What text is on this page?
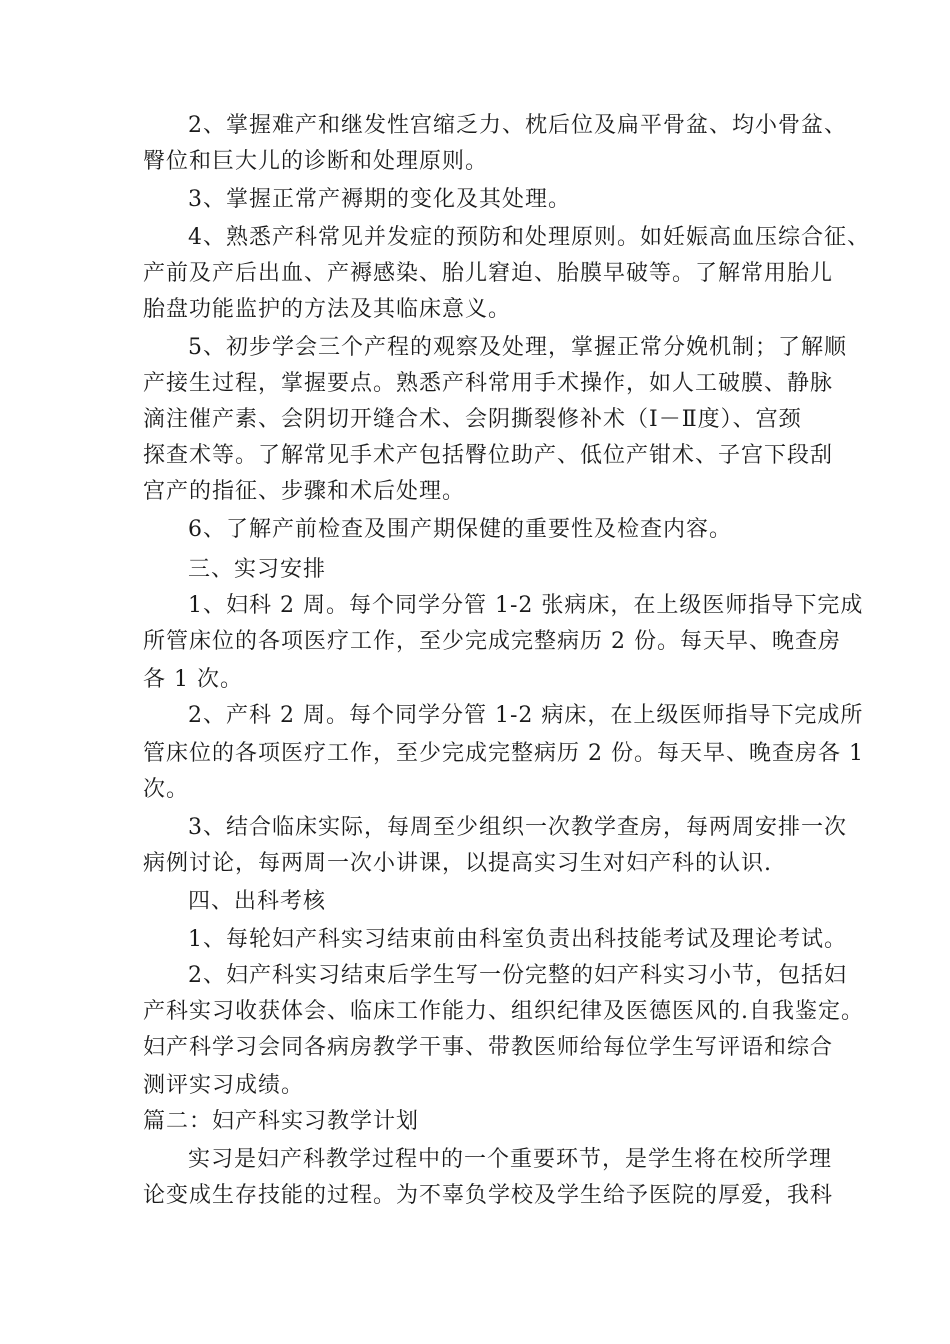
2、掌握难产和继发性宫缩乏力、枕后位及扁平骨盆、均小骨盆、
臀位和巨大儿的诊断和处理原则。
3、掌握正常产褥期的变化及其处理。
4、熟悉产科常见并发症的预防和处理原则。如妊娠高血压综合征、
产前及产后出血、产褥感染、胎儿窘迫、胎膜早破等。了解常用胎儿
胎盘功能监护的方法及其临床意义。
5、初步学会三个产程的观察及处理，掌握正常分娩机制；了解顺
产接生过程，掌握要点。熟悉产科常用手术操作，如人工破膜、静脉
滴注催产素、会阴切开缝合术、会阴撕裂修补术（Ⅰ－Ⅱ度）、宫颈
探查术等。了解常见手术产包括臀位助产、低位产钳术、子宫下段刮
宫产的指征、步骤和术后处理。
6、了解产前检查及围产期保健的重要性及检查内容。
三、实习安排
1、妇科 2 周。每个同学分管 1-2 张病床，在上级医师指导下完成
所管床位的各项医疗工作，至少完成完整病历 2 份。每天早、晚查房
各 1 次。
2、产科 2 周。每个同学分管 1-2 病床，在上级医师指导下完成所
管床位的各项医疗工作，至少完成完整病历 2 份。每天早、晚查房各 1
次。
3、结合临床实际，每周至少组织一次教学查房，每两周安排一次
病例讨论，每两周一次小讲课，以提高实习生对妇产科的认识.
四、出科考核
1、每轮妇产科实习结束前由科室负责出科技能考试及理论考试。
2、妇产科实习结束后学生写一份完整的妇产科实习小节，包括妇
产科实习收获体会、临床工作能力、组织纪律及医德医风的.自我鉴定。
妇产科学习会同各病房教学干事、带教医师给每位学生写评语和综合
测评实习成绩。
篇二：妇产科实习教学计划
实习是妇产科教学过程中的一个重要环节，是学生将在校所学理
论变成生存技能的过程。为不辜负学校及学生给予医院的厚爱，我科
